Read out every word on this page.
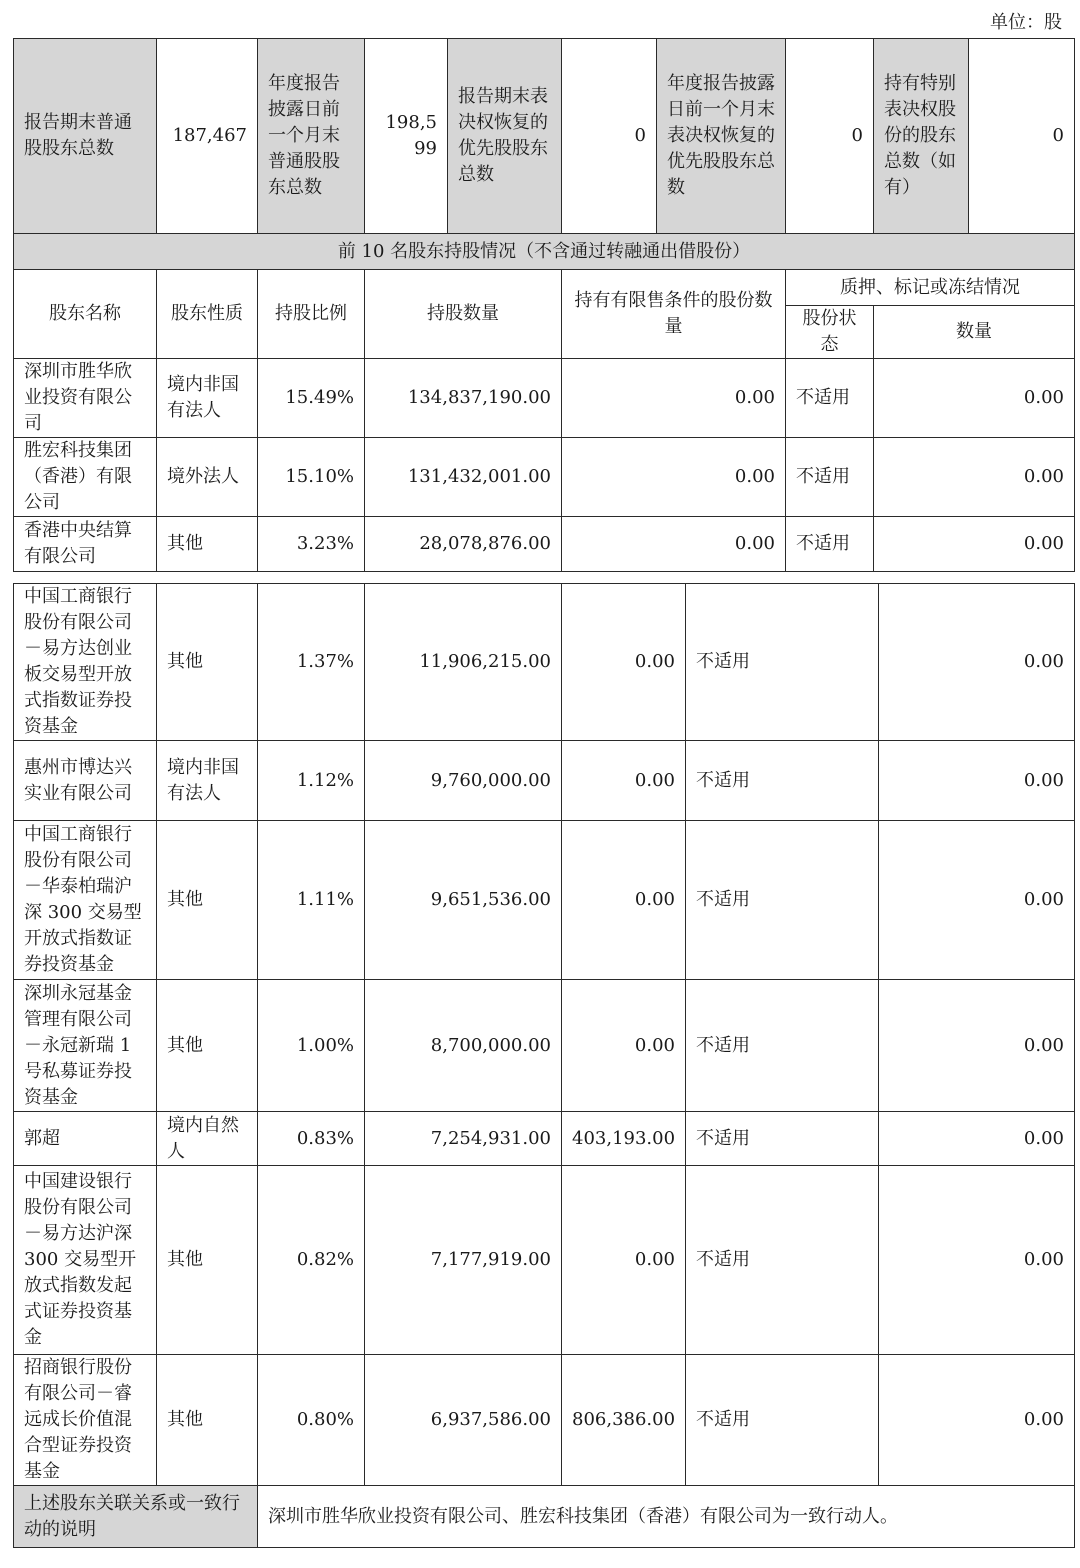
单位：股
报告期末普通股股东总数	187,467	年度报告披露日前一个月末普通股股东总数	198,599	报告期末表决权恢复的优先股股东总数	0	年度报告披露日前一个月末表决权恢复的优先股股东总数	0	持有特别表决权股份的股东总数（如有）	0
前 10 名股东持股情况（不含通过转融通出借股份）									
股东名称	股东性质	持股比例	持股数量		持有有限售条件的股份数量		质押、标记或冻结情况		
							股份状态	数量	
深圳市胜华欣业投资有限公司	境内非国有法人	15.49%	134,837,190.00		0.00		不适用	0.00	
胜宏科技集团（香港）有限公司	境外法人	15.10%	131,432,001.00		0.00		不适用	0.00	
香港中央结算有限公司	其他	3.23%	28,078,876.00		0.00		不适用	0.00	
中国工商银行股份有限公司－易方达创业板交易型开放式指数证券投资基金	其他	1.37%	11,906,215.00	0.00	不适用	0.00
惠州市博达兴实业有限公司	境内非国有法人	1.12%	9,760,000.00	0.00	不适用	0.00
中国工商银行股份有限公司－华泰柏瑞沪深 300 交易型开放式指数证券投资基金	其他	1.11%	9,651,536.00	0.00	不适用	0.00
深圳永冠基金管理有限公司－永冠新瑞 1 号私募证券投资基金	其他	1.00%	8,700,000.00	0.00	不适用	0.00
郭超	境内自然人	0.83%	7,254,931.00	403,193.00	不适用	0.00
中国建设银行股份有限公司－易方达沪深 300 交易型开放式指数发起式证券投资基金	其他	0.82%	7,177,919.00	0.00	不适用	0.00
招商银行股份有限公司－睿远成长价值混合型证券投资基金	其他	0.80%	6,937,586.00	806,386.00	不适用	0.00
上述股东关联关系或一致行动的说明		深圳市胜华欣业投资有限公司、胜宏科技集团（香港）有限公司为一致行动人。				
